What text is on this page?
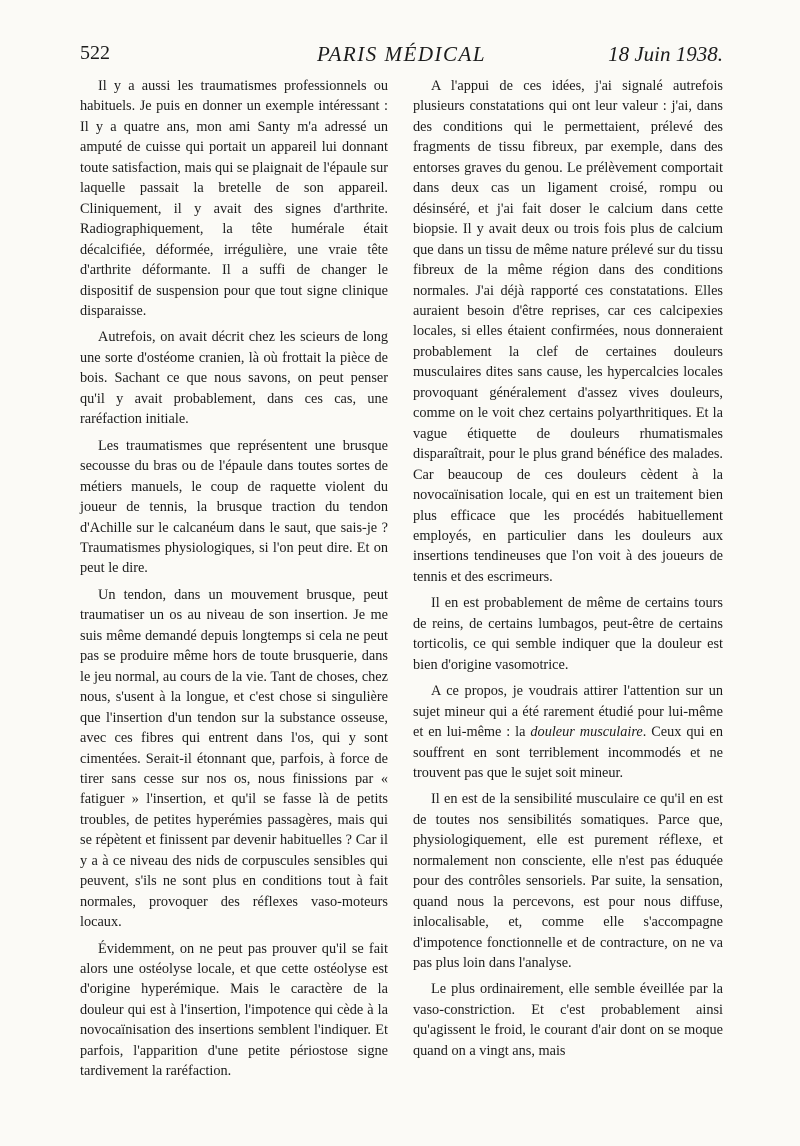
522	PARIS MÉDICAL	18 Juin 1938.

Il y a aussi les traumatismes professionnels ou habituels. Je puis en donner un exemple intéressant : Il y a quatre ans, mon ami Santy m'a adressé un amputé de cuisse qui portait un appareil lui donnant toute satisfaction, mais qui se plaignait de l'épaule sur laquelle passait la bretelle de son appareil. Cliniquement, il y avait des signes d'arthrite. Radiographiquement, la tête humérale était décalcifiée, déformée, irrégulière, une vraie tête d'arthrite déformante. Il a suffi de changer le dispositif de suspension pour que tout signe clinique disparaisse.

Autrefois, on avait décrit chez les scieurs de long une sorte d'ostéome cranien, là où frottait la pièce de bois. Sachant ce que nous savons, on peut penser qu'il y avait probablement, dans ces cas, une raréfaction initiale.

Les traumatismes que représentent une brusque secousse du bras ou de l'épaule dans toutes sortes de métiers manuels, le coup de raquette violent du joueur de tennis, la brusque traction du tendon d'Achille sur le calcanéum dans le saut, que sais-je ? Traumatismes physiologiques, si l'on peut dire. Et on peut le dire.

Un tendon, dans un mouvement brusque, peut traumatiser un os au niveau de son insertion. Je me suis même demandé depuis longtemps si cela ne peut pas se produire même hors de toute brusquerie, dans le jeu normal, au cours de la vie. Tant de choses, chez nous, s'usent à la longue, et c'est chose si singulière que l'insertion d'un tendon sur la substance osseuse, avec ces fibres qui entrent dans l'os, qui y sont cimentées. Serait-il étonnant que, parfois, à force de tirer sans cesse sur nos os, nous finissions par « fatiguer » l'insertion, et qu'il se fasse là de petits troubles, de petites hyperémies passagères, mais qui se répètent et finissent par devenir habituelles ? Car il y a à ce niveau des nids de corpuscules sensibles qui peuvent, s'ils ne sont plus en conditions tout à fait normales, provoquer des réflexes vaso-moteurs locaux.

Évidemment, on ne peut pas prouver qu'il se fait alors une ostéolyse locale, et que cette ostéolyse est d'origine hyperémique. Mais le caractère de la douleur qui est à l'insertion, l'impotence qui cède à la novocaïnisation des insertions semblent l'indiquer. Et parfois, l'apparition d'une petite périostose signe tardivement la raréfaction.

A l'appui de ces idées, j'ai signalé autrefois plusieurs constatations qui ont leur valeur : j'ai, dans des conditions qui le permettaient, prélevé des fragments de tissu fibreux, par exemple, dans des entorses graves du genou. Le prélèvement comportait dans deux cas un ligament croisé, rompu ou désinséré, et j'ai fait doser le calcium dans cette biopsie. Il y avait deux ou trois fois plus de calcium que dans un tissu de même nature prélevé sur du tissu fibreux de la même région dans des conditions normales. J'ai déjà rapporté ces constatations. Elles auraient besoin d'être reprises, car ces calcipexies locales, si elles étaient confirmées, nous donneraient probablement la clef de certaines douleurs musculaires dites sans cause, les hypercalcies locales provoquant généralement d'assez vives douleurs, comme on le voit chez certains polyarthritiques. Et la vague étiquette de douleurs rhumatismales disparaîtrait, pour le plus grand bénéfice des malades. Car beaucoup de ces douleurs cèdent à la novocaïnisation locale, qui en est un traitement bien plus efficace que les procédés habituellement employés, en particulier dans les douleurs aux insertions tendineuses que l'on voit à des joueurs de tennis et des escrimeurs.

Il en est probablement de même de certains tours de reins, de certains lumbagos, peut-être de certains torticolis, ce qui semble indiquer que la douleur est bien d'origine vasomotrice.

A ce propos, je voudrais attirer l'attention sur un sujet mineur qui a été rarement étudié pour lui-même et en lui-même : la douleur musculaire. Ceux qui en souffrent en sont terriblement incommodés et ne trouvent pas que le sujet soit mineur.

Il en est de la sensibilité musculaire ce qu'il en est de toutes nos sensibilités somatiques. Parce que, physiologiquement, elle est purement réflexe, et normalement non consciente, elle n'est pas éduquée pour des contrôles sensoriels. Par suite, la sensation, quand nous la percevons, est pour nous diffuse, inlocalisable, et, comme elle s'accompagne d'impotence fonctionnelle et de contracture, on ne va pas plus loin dans l'analyse.

Le plus ordinairement, elle semble éveillée par la vaso-constriction. Et c'est probablement ainsi qu'agissent le froid, le courant d'air dont on se moque quand on a vingt ans, mais
